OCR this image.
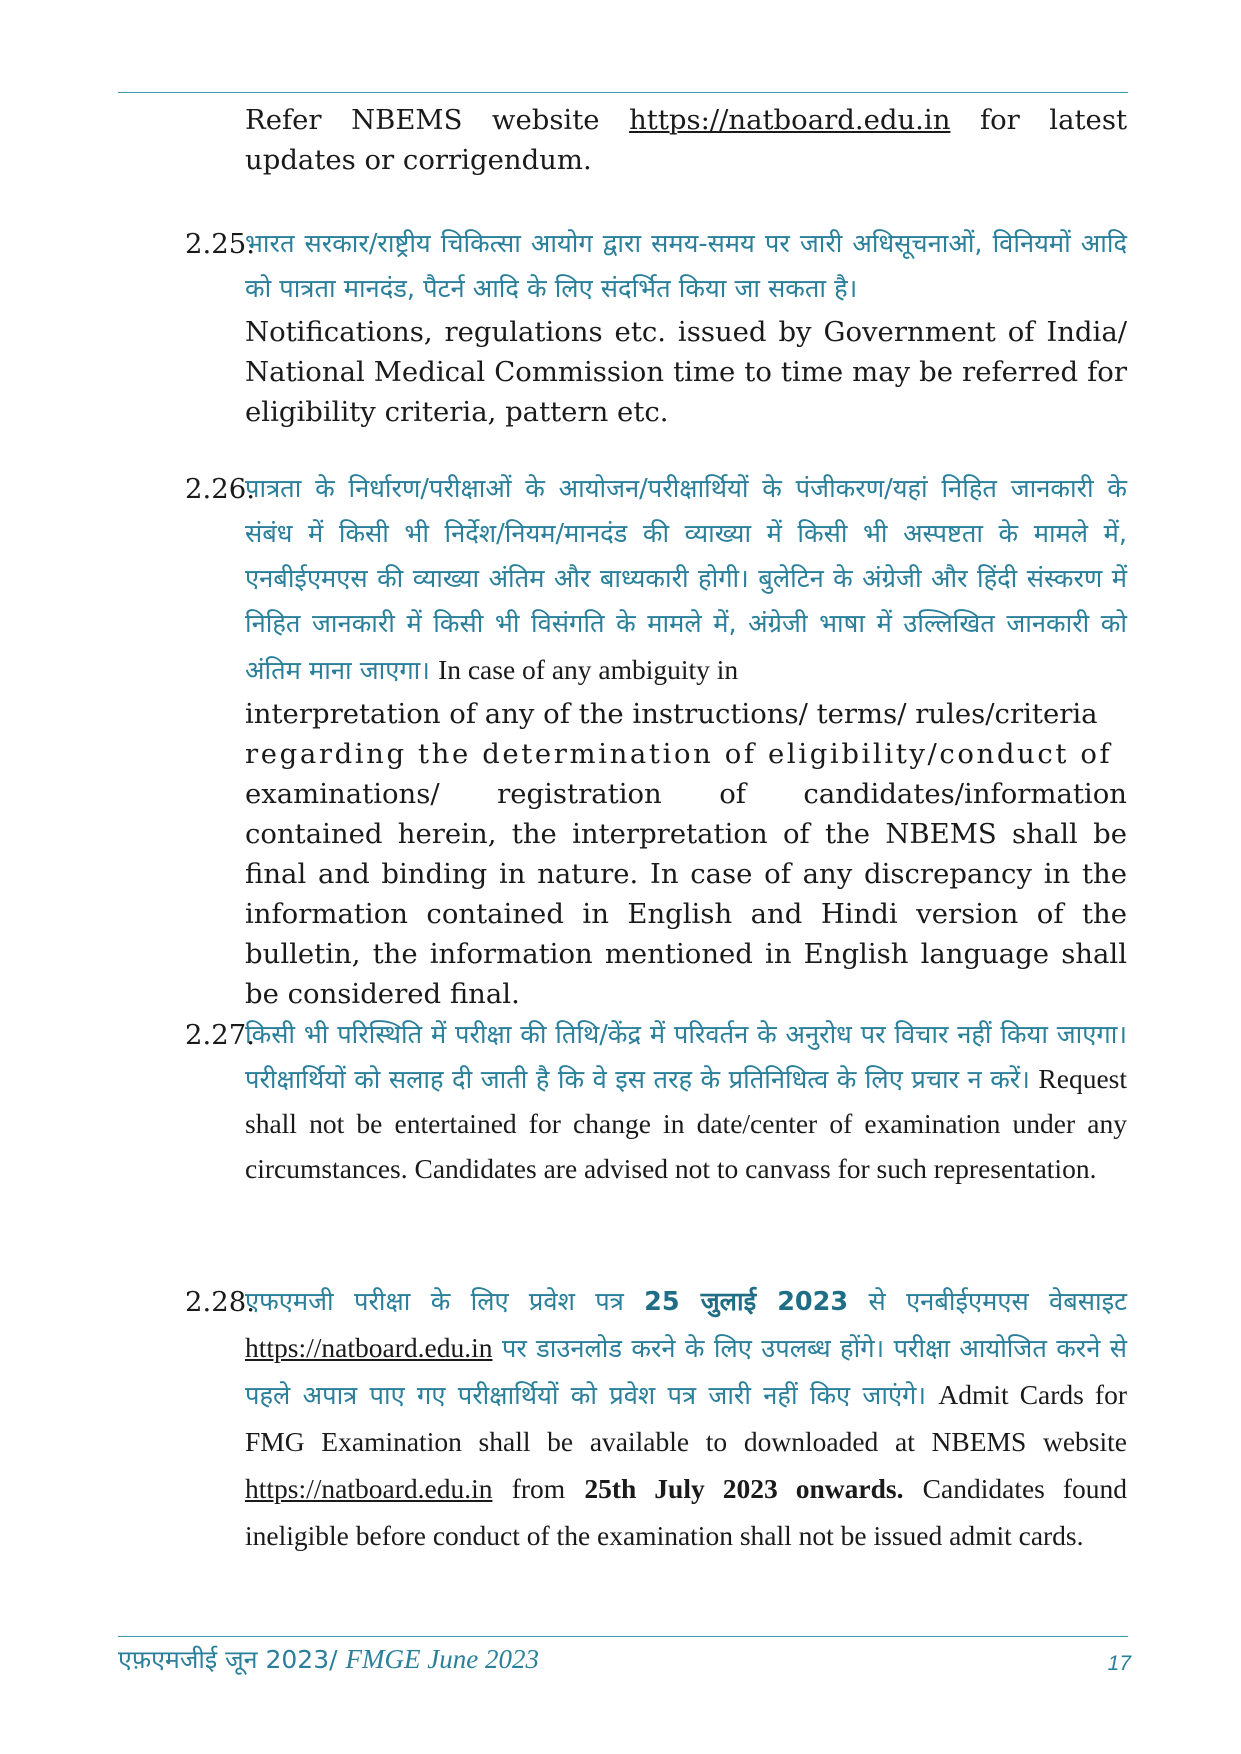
Refer NBEMS website https://natboard.edu.in for latest updates or corrigendum.
2.25.
भारत सरकार/राष्ट्रीय चिकित्सा आयोग द्वारा समय-समय पर जारी अधिसूचनाओं, विनियमों आदि को पात्रता मानदंड, पैटर्न आदि के लिए संदर्भित किया जा सकता है।
Notifications, regulations etc. issued by Government of India/ National Medical Commission time to time may be referred for eligibility criteria, pattern etc.
2.26.
पात्रता के निर्धारण/परीक्षाओं के आयोजन/परीक्षार्थियों के पंजीकरण/यहां निहित जानकारी के संबंध में किसी भी निर्देश/नियम/मानदंड की व्याख्या में किसी भी अस्पष्टता के मामले में, एनबीईएमएस की व्याख्या अंतिम और बाध्यकारी होगी। बुलेटिन के अंग्रेजी और हिंदी संस्करण में निहित जानकारी में किसी भी विसंगति के मामले में, अंग्रेजी भाषा में उल्लिखित जानकारी को अंतिम माना जाएगा। In case of any ambiguity in
interpretation of any of the instructions/ terms/ rules/criteria
regarding the determination of eligibility/conduct of
examinations/ registration of candidates/information contained herein, the interpretation of the NBEMS shall be final and binding in nature. In case of any discrepancy in the information contained in English and Hindi version of the bulletin, the information mentioned in English language shall be considered final.
2.27.
किसी भी परिस्थिति में परीक्षा की तिथि/केंद्र में परिवर्तन के अनुरोध पर विचार नहीं किया जाएगा। परीक्षार्थियों को सलाह दी जाती है कि वे इस तरह के प्रतिनिधित्व के लिए प्रचार न करें। Request shall not be entertained for change in date/center of examination under any circumstances. Candidates are advised not to canvass for such representation.
2.28.
एफएमजी परीक्षा के लिए प्रवेश पत्र 25 जुलाई 2023 से एनबीईएमएस वेबसाइट https://natboard.edu.in पर डाउनलोड करने के लिए उपलब्ध होंगे। परीक्षा आयोजित करने से पहले अपात्र पाए गए परीक्षार्थियों को प्रवेश पत्र जारी नहीं किए जाएंगे। Admit Cards for FMG Examination shall be available to downloaded at NBEMS website https://natboard.edu.in from 25th July 2023 onwards. Candidates found ineligible before conduct of the examination shall not be issued admit cards.
एफ़एमजीई जून 2023/ FMGE June 2023	17
